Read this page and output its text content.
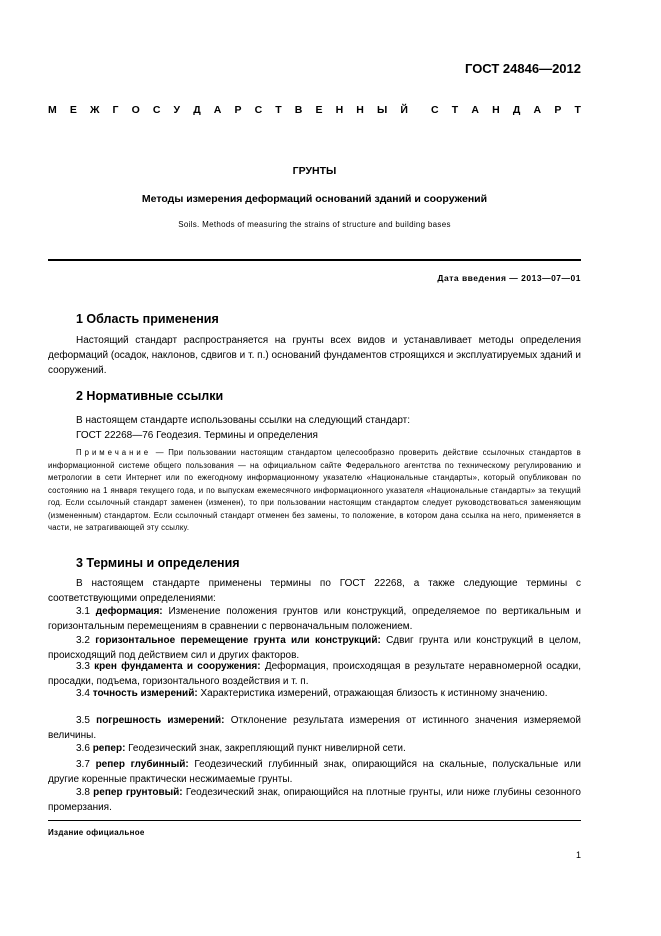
ГОСТ 24846—2012
М Е Ж Г О С У Д А Р С Т В Е Н Н Ы Й С Т А Н Д А Р Т
ГРУНТЫ
Методы измерения деформаций оснований зданий и сооружений
Soils. Methods of measuring the strains of structure and building bases
Дата введения — 2013—07—01
1 Область применения
Настоящий стандарт распространяется на грунты всех видов и устанавливает методы определения деформаций (осадок, наклонов, сдвигов и т. п.) оснований фундаментов строящихся и эксплуатируемых зданий и сооружений.
2 Нормативные ссылки
В настоящем стандарте использованы ссылки на следующий стандарт:
ГОСТ 22268—76 Геодезия. Термины и определения
Примечание — При пользовании настоящим стандартом целесообразно проверить действие ссылочных стандартов в информационной системе общего пользования — на официальном сайте Федерального агентства по техническому регулированию и метрологии в сети Интернет или по ежегодному информационному указателю «Национальные стандарты», который опубликован по состоянию на 1 января текущего года, и по выпускам ежемесячного информационного указателя «Национальные стандарты» за текущий год. Если ссылочный стандарт заменен (изменен), то при пользовании настоящим стандартом следует руководствоваться заменяющим (измененным) стандартом. Если ссылочный стандарт отменен без замены, то положение, в котором дана ссылка на него, применяется в части, не затрагивающей эту ссылку.
3 Термины и определения
В настоящем стандарте применены термины по ГОСТ 22268, а также следующие термины с соответствующими определениями:
3.1 деформация: Изменение положения грунтов или конструкций, определяемое по вертикальным и горизонтальным перемещениям в сравнении с первоначальным положением.
3.2 горизонтальное перемещение грунта или конструкций: Сдвиг грунта или конструкций в целом, происходящий под действием сил и других факторов.
3.3 крен фундамента и сооружения: Деформация, происходящая в результате неравномерной осадки, просадки, подъема, горизонтального воздействия и т. п.
3.4 точность измерений: Характеристика измерений, отражающая близость к истинному значению.
3.5 погрешность измерений: Отклонение результата измерения от истинного значения измеряемой величины.
3.6 репер: Геодезический знак, закрепляющий пункт нивелирной сети.
3.7 репер глубинный: Геодезический глубинный знак, опирающийся на скальные, полускальные или другие коренные практически несжимаемые грунты.
3.8 репер грунтовый: Геодезический знак, опирающийся на плотные грунты, или ниже глубины сезонного промерзания.
Издание официальное
1
